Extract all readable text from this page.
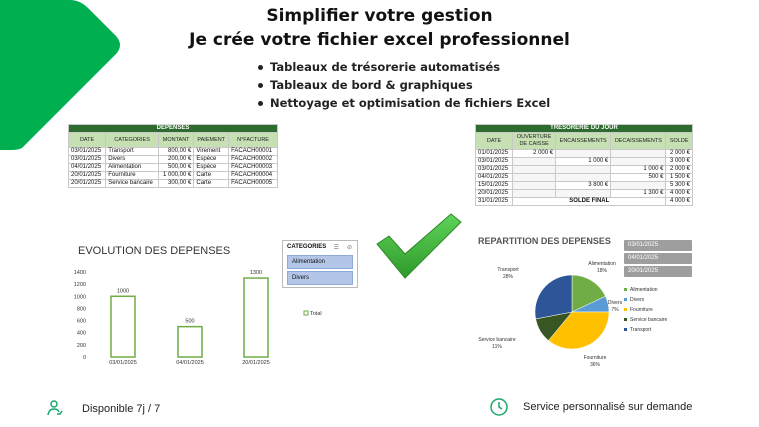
Simplifier votre gestion
Je crée votre fichier excel professionnel
Tableaux de trésorerie automatisés
Tableaux de bord & graphiques
Nettoyage et optimisation de fichiers Excel
DEPENSES				
DATE	CATEGORIES	MONTANT	PAIEMENT	N°FACTURE
03/01/2025	Transport	800,00 €	Virement	FACACH00001
03/01/2025	Divers	200,00 €	Espèce	FACACH00002
04/01/2025	Alimentation	500,00 €	Espèce	FACACH00003
20/01/2025	Fourniture	1 000,00 €	Carte	FACACH00004
20/01/2025	Service bancaire	300,00 €	Carte	FACACH00005
EVOLUTION DES DEPENSES
0
200
400
600
800
1000
1200
1400
1000
03/01/2025
500
04/01/2025
1300
20/01/2025
Total
CATEGORIES	☰ ⊘
Alimentation
Divers
TRESORERIE DU JOUR				
DATE	OUVERTURE DE CAISSE	ENCAISSEMENTS	DECAISSEMENTS	SOLDE
01/01/2025	2 000 €			2 000 €
03/01/2025		1 000 €		3 000 €
03/01/2025			1 000 €	2 000 €
04/01/2025			500 €	1 500 €
15/01/2025		3 800 €		5 300 €
20/01/2025			1 300 €	4 000 €
31/01/2025	SOLDE FINAL			4 000 €
REPARTITION DES DEPENSES
Alimentation
18%
Divers
7%
Fourniture
36%
Service bancaire
11%
Transport
28%
Alimentation
Divers
Fourniture
Service bancaire
Transport
03/01/2025
04/01/2025
20/01/2025
Disponible 7j / 7	Service personnalisé sur demande
